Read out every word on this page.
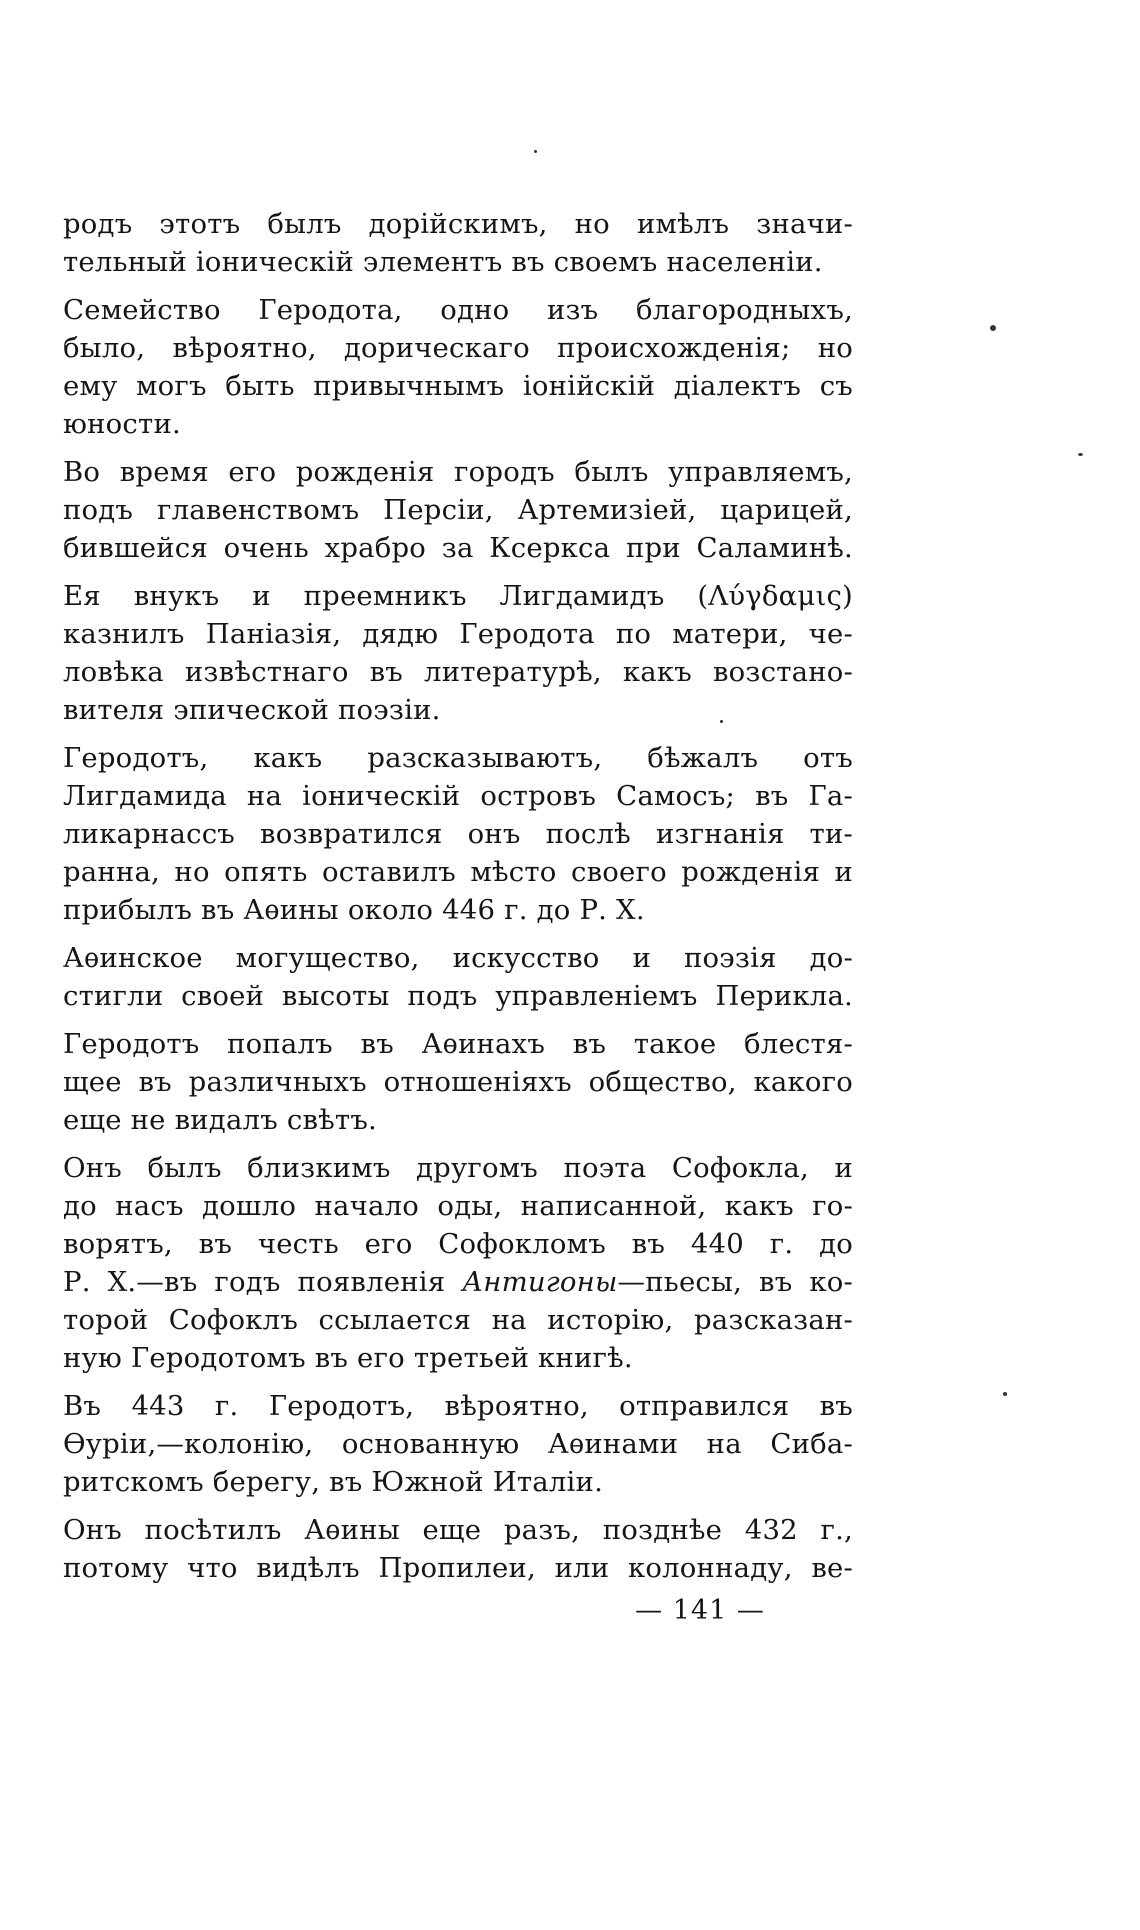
родъ этотъ былъ дорійскимъ, но имѣлъ значи-
тельный іоническій элементъ въ своемъ населеніи.

Семейство Геродота, одно изъ благородныхъ,
было, вѣроятно, дорическаго происхожденія; но
ему могъ быть привычнымъ іонійскій діалектъ съ
юности.

Во время его рожденія городъ былъ управляемъ,
подъ главенствомъ Персіи, Артемизіей, царицей,
бившейся очень храбро за Ксеркса при Саламинѣ.

Ея внукъ и преемникъ Лигдамидъ (Λύγδαμις)
казнилъ Паніазія, дядю Геродота по матери, че-
ловѣка извѣстнаго въ литературѣ, какъ возстано-
вителя эпической поэзіи.

Геродотъ, какъ разсказываютъ, бѣжалъ отъ
Лигдамида на іоническій островъ Самосъ; въ Га-
ликарнассъ возвратился онъ послѣ изгнанія ти-
ранна, но опять оставилъ мѣсто своего рожденія и
прибылъ въ Аѳины около 446 г. до Р. Х.

Аѳинское могущество, искусство и поэзія до-
стигли своей высоты подъ управленіемъ Перикла.

Геродотъ попалъ въ Аѳинахъ въ такое блестя-
щее въ различныхъ отношеніяхъ общество, какого
еще не видалъ свѣтъ.

Онъ былъ близкимъ другомъ поэта Софокла, и
до насъ дошло начало оды, написанной, какъ го-
ворятъ, въ честь его Софокломъ въ 440 г. до
Р. Х.—въ годъ появленія Антигоны—пьесы, въ ко-
торой Софоклъ ссылается на исторію, разсказан-
ную Геродотомъ въ его третьей книгѣ.

Въ 443 г. Геродотъ, вѣроятно, отправился въ
Ѳуріи,—колонію, основанную Аѳинами на Сиба-
ритскомъ берегу, въ Южной Италіи.

Онъ посѣтилъ Аѳины еще разъ, позднѣе 432 г.,
потому что видѣлъ Пропилеи, или колоннаду, ве-

— 141 —
